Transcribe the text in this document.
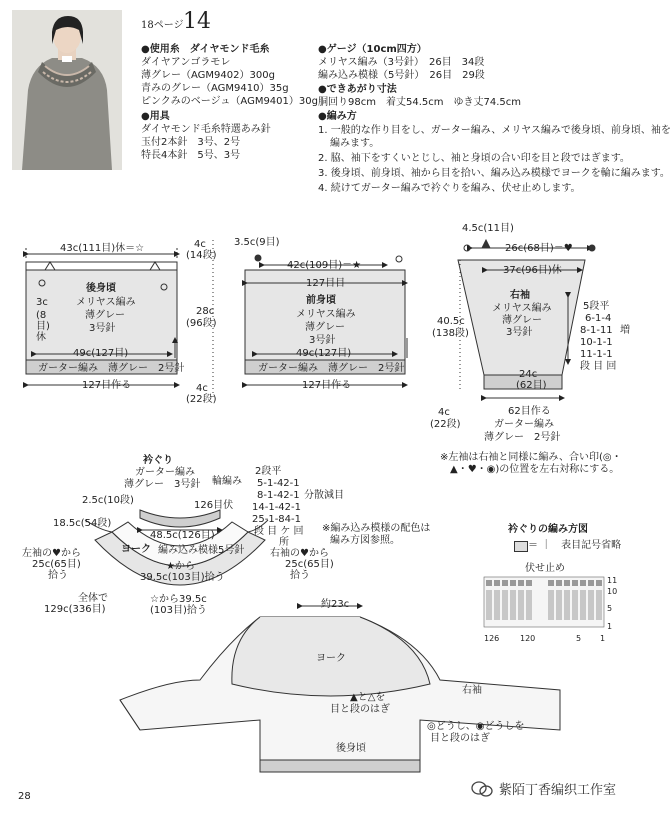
18ページ 14
●使用糸　ダイヤモンド毛糸
ダイヤアンゴラモレ
薄グレー（AGM9402）300g
青みのグレー（AGM9410）35g
ピンクみのベージュ（AGM9401）30g
●用具
ダイヤモンド毛糸特選あみ針
玉付2本針　3号、2号
特長4本針　5号、3号
●ゲージ（10cm四方）
メリヤス編み（3号針）　26目　34段
編み込み模様（5号針）　26目　29段
●できあがり寸法
胴回り98cm　着丈54.5cm　ゆき丈74.5cm
●編み方
1. 一般的な作り目をし、ガーター編み、メリヤス編みで後身頃、前身頃、袖を
編みます。
2. 脇、袖下をすくいとじし、袖と身頃の合い印を目と段ではぎます。
3. 後身頃、前身頃、袖から目を拾い、編み込み模様でヨークを輪に編みます。
4. 続けてガーター編みで衿ぐりを編み、伏せ止めします。
43c(111目)休＝☆
3c
(8
目)
休
後身頃
メリヤス編み
薄グレー
3号針
49c(127目)
ガーター編み　薄グレー　2号針
127目作る
4c
(14段)
28c
(96段)
4c
(22段)
3.5c(9目)
42c(109目)＝★
127目目
前身頃
メリヤス編み
薄グレー
3号針
49c(127目)
ガーター編み　薄グレー　2号針
127目作る
4.5c(11目)
26c(68目)＝♥
37c(96目)休
右袖
メリヤス編み
薄グレー
3号針
5段平
6-1-4
8-1-11
10-1-1
11-1-1
段 目 回
増
40.5c
(138段)
24c
(62目)
62目作る
ガーター編み
薄グレー　2号針
4c
(22段)
※左袖は右袖と同様に編み、合い印(◎・
▲・♥・◉)の位置を左右対称にする。
衿ぐり
ガーター編み
薄グレー　3号針 輪編み
2段平
5-1-42-1
8-1-42-1
14-1-42-1
25-1-84-1
段 目 ケ 回
所
分散減目
2.5c(10段)	126目伏
18.5c(54段)
48.5c(126目)
ヨーク 編み込み模様 5号針
左袖の♥から
25c(65目)
拾う
右袖の♥から
25c(65目)
拾う
★から
39.5c(103目)拾う
全体で
129c(336目)
☆から39.5c
(103目)拾う
※編み込み模様の配色は
編み方図参照。
衿ぐりの編み方図
＝ ｜　表目記号省略
伏せ止め
11
10
5
1
126	120	5 1
約23c
ヨーク
右袖
▲と△を
目と段のはぎ
◎どうし、◉どうしを
目と段のはぎ
後身頃
28	紫陌丁香编织工作室
